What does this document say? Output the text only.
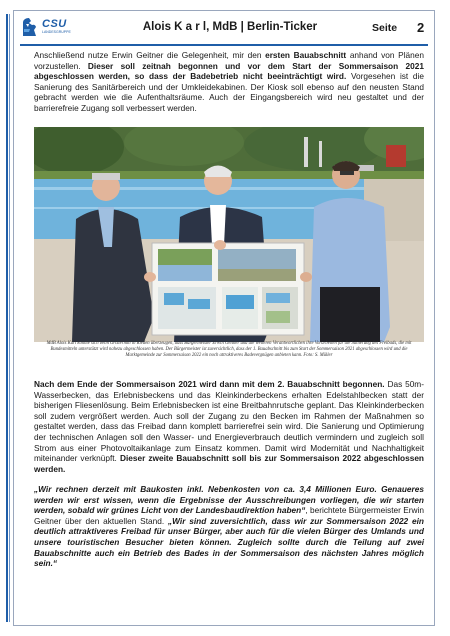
CSU
LANDESGRUPPE	Alois K a r l, MdB | Berlin-Ticker	Seite 2
Anschließend nutze Erwin Geitner die Gelegenheit, mir den ersten Bauabschnitt anhand von Plänen vorzustellen. Dieser soll zeitnah begonnen und vor dem Start der Sommersaison 2021 abgeschlossen werden, so dass der Badebetrieb nicht beeinträchtigt wird. Vorgesehen ist die Sanierung des Sanitärbereich und der Umkleidekabinen. Der Kiosk soll ebenso auf den neusten Stand gebracht werden wie die Aufenthaltsräume. Auch der Eingangsbereich wird neu gestaltet und der barrierefreie Zugang soll verbessert werden.
MdB Alois Karl konnte sich beim Ortstermin in Rieden überzeugen, dass Bürgermeister Erwin Geitner und die weiteren Verantwortlichen ihre Vorarbeiten für die Sanierung des Freibads, die mit Bundesmitteln unterstützt wird nahezu abgeschlossen haben. Der Bürgermeister ist zuversichtlich, dass der 1. Bauabschnitt bis zum Start der Sommersaison 2021 abgeschlossen wird und die Marktgemeinde zur Sommersaison 2022 ein noch attraktiveres Badevergnügen anbieten kann. Foto: S. Müller
Nach dem Ende der Sommersaison 2021 wird dann mit dem 2. Bauabschnitt begonnen. Das 50m-Wasserbecken, das Erlebnisbeckens und das Kleinkinderbeckens erhalten Edelstahlbecken statt der bisherigen Fliesenlösung. Beim Erlebnisbecken ist eine Breitbahnrutsche geplant. Das Kleinkinderbecken soll zudem vergrößert werden. Auch soll der Zugang zu den Becken im Rahmen der Maßnahmen so gestaltet werden, dass das Freibad dann komplett barrierefrei sein wird. Die Sanierung und Optimierung der technischen Anlagen soll den Wasser- und Energieverbrauch deutlich vermindern und zugleich soll Strom aus einer Photovoltaikanlage zum Einsatz kommen. Damit wird Modernität und Nachhaltigkeit miteinander verknüpft. Dieser zweite Bauabschnitt soll bis zur Sommersaison 2022 abgeschlossen werden.
„Wir rechnen derzeit mit Baukosten inkl. Nebenkosten von ca. 3,4 Millionen Euro. Genaueres werden wir erst wissen, wenn die Ergebnisse der Ausschreibungen vorliegen, die wir starten werden, sobald wir grünes Licht von der Landesbaudirektion haben“, berichtete Bürgermeister Erwin Geitner über den aktuellen Stand. „Wir sind zuversichtlich, dass wir zur Sommersaison 2022 ein deutlich attraktiveres Freibad für unser Bürger, aber auch für die vielen Bürger des Umlands und unsere touristischen Besucher bieten können. Zugleich sollte durch die Teilung auf zwei Bauabschnitte auch ein Betrieb des Bades in der Sommersaison des nächsten Jahres möglich sein.“
